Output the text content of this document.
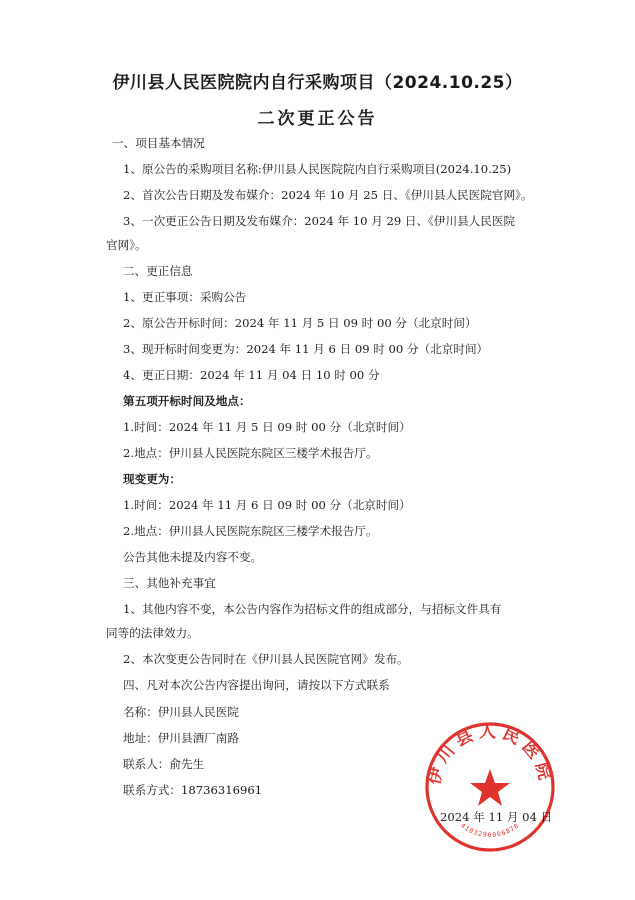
伊川县人民医院院内自行采购项目（2024.10.25）
二次更正公告
一、项目基本情况
1、原公告的采购项目名称:伊川县人民医院院内自行采购项目(2024.10.25)
2、首次公告日期及发布媒介：2024 年 10 月 25 日、《伊川县人民医院官网》。
3、一次更正公告日期及发布媒介：2024 年 10 月 29 日、《伊川县人民医院
官网》。
二、更正信息
1、更正事项：采购公告
2、原公告开标时间：2024 年 11 月 5 日 09 时 00 分（北京时间）
3、现开标时间变更为：2024 年 11 月 6 日 09 时 00 分（北京时间）
4、更正日期：2024 年 11 月 04 日 10 时 00 分
第五项开标时间及地点：
1.时间：2024 年 11 月 5 日 09 时 00 分（北京时间）
2.地点：伊川县人民医院东院区三楼学术报告厅。
现变更为：
1.时间：2024 年 11 月 6 日 09 时 00 分（北京时间）
2.地点：伊川县人民医院东院区三楼学术报告厅。
公告其他未提及内容不变。
三、其他补充事宜
1、其他内容不变，本公告内容作为招标文件的组成部分，与招标文件具有
同等的法律效力。
2、本次变更公告同时在《伊川县人民医院官网》发布。
四、凡对本次公告内容提出询问，请按以下方式联系
名称：伊川县人民医院
地址：伊川县酒厂南路
联系人：俞先生
联系方式：18736316961
伊川县人民医院
4103290006878
2024 年 11 月 04 日
